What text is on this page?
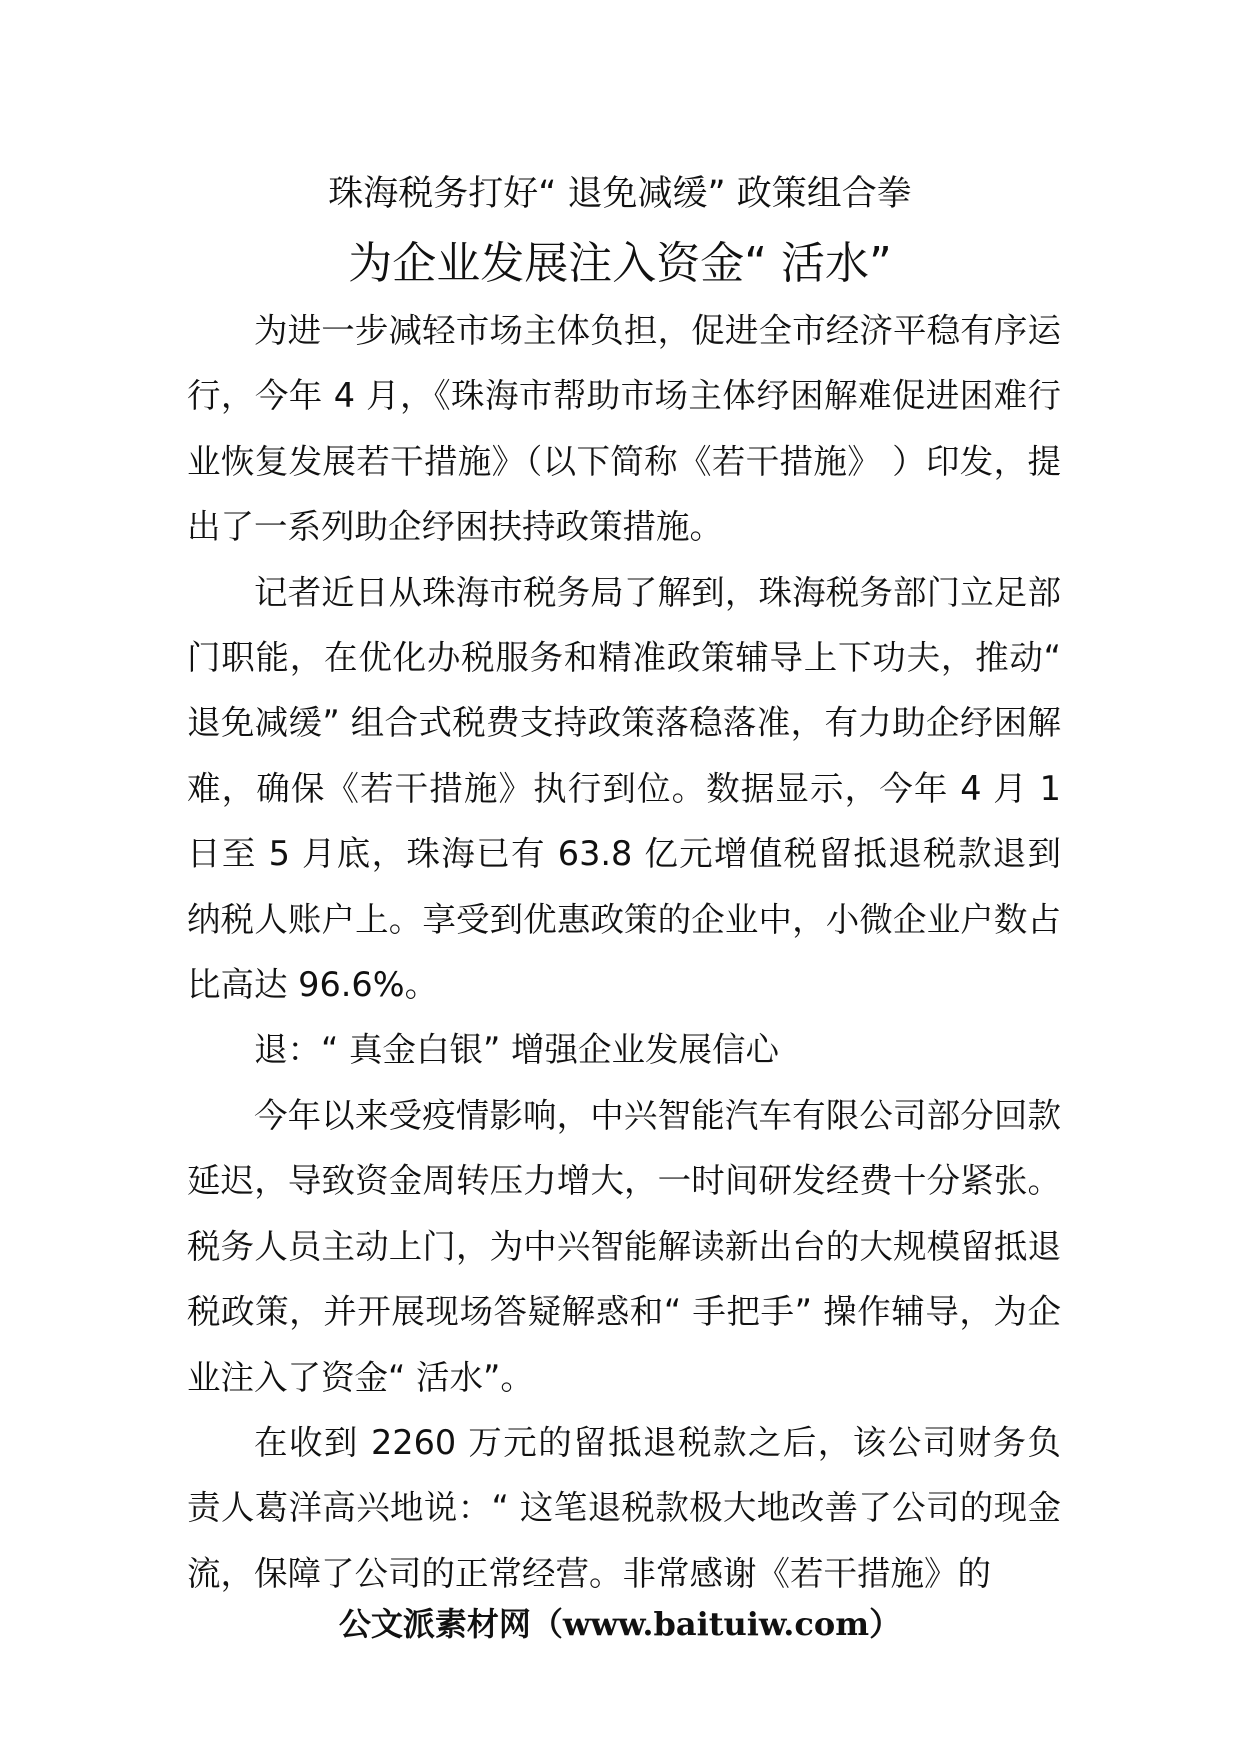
珠海税务打好“ 退免减缓” 政策组合拳
为企业发展注入资金“ 活水”

为进一步减轻市场主体负担，促进全市经济平稳有序运行，今年 4 月，《珠海市帮助市场主体纾困解难促进困难行业恢复发展若干措施》（以下简称《若干措施》 ）印发，提出了一系列助企纾困扶持政策措施。

记者近日从珠海市税务局了解到，珠海税务部门立足部门职能，在优化办税服务和精准政策辅导上下功夫，推动“ 退免减缓” 组合式税费支持政策落稳落准，有力助企纾困解难，确保《若干措施》执行到位。数据显示，今年 4 月 1 日至 5 月底，珠海已有 63.8 亿元增值税留抵退税款退到纳税人账户上。享受到优惠政策的企业中，小微企业户数占比高达 96.6%。

退：“ 真金白银” 增强企业发展信心

今年以来受疫情影响，中兴智能汽车有限公司部分回款延迟，导致资金周转压力增大，一时间研发经费十分紧张。税务人员主动上门，为中兴智能解读新出台的大规模留抵退税政策，并开展现场答疑解惑和“ 手把手” 操作辅导，为企业注入了资金“ 活水”。

在收到 2260 万元的留抵退税款之后，该公司财务负责人葛洋高兴地说：“ 这笔退税款极大地改善了公司的现金流，保障了公司的正常经营。非常感谢《若干措施》的

公文派素材网（www.baituiw.com）
